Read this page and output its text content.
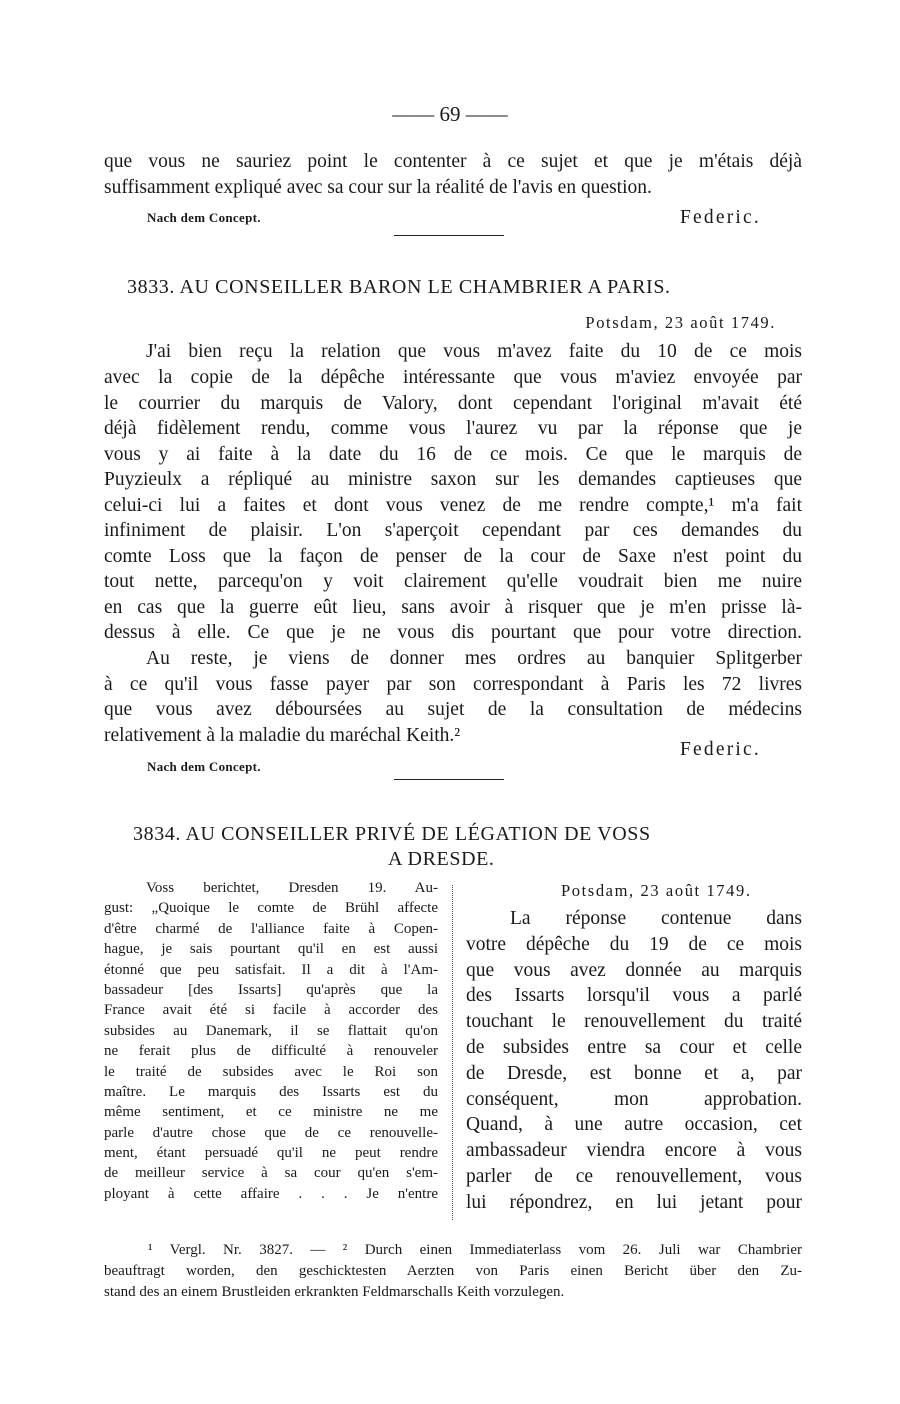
—— 69 ——
que vous ne sauriez point le contenter à ce sujet et que je m'étais déjà
suffisamment expliqué avec sa cour sur la réalité de l'avis en question.
Nach dem Concept.	Federic.
3833. AU CONSEILLER BARON LE CHAMBRIER A PARIS.
Potsdam, 23 août 1749.
J'ai bien reçu la relation que vous m'avez faite du 10 de ce mois
avec la copie de la dépêche intéressante que vous m'aviez envoyée par
le courrier du marquis de Valory, dont cependant l'original m'avait été
déjà fidèlement rendu, comme vous l'aurez vu par la réponse que je
vous y ai faite à la date du 16 de ce mois. Ce que le marquis de
Puyzieulx a répliqué au ministre saxon sur les demandes captieuses que
celui-ci lui a faites et dont vous venez de me rendre compte,¹ m'a fait
infiniment de plaisir. L'on s'aperçoit cependant par ces demandes du
comte Loss que la façon de penser de la cour de Saxe n'est point du
tout nette, parcequ'on y voit clairement qu'elle voudrait bien me nuire
en cas que la guerre eût lieu, sans avoir à risquer que je m'en prisse là-
dessus à elle. Ce que je ne vous dis pourtant que pour votre direction.
Au reste, je viens de donner mes ordres au banquier Splitgerber
à ce qu'il vous fasse payer par son correspondant à Paris les 72 livres
que vous avez déboursées au sujet de la consultation de médecins
relativement à la maladie du maréchal Keith.²
Federic.
Nach dem Concept.
3834. AU CONSEILLER PRIVÉ DE LÉGATION DE VOSS
A DRESDE.
Voss berichtet, Dresden 19. Au-
gust: „Quoique le comte de Brühl affecte
d'être charmé de l'alliance faite à Copen-
hague, je sais pourtant qu'il en est aussi
étonné que peu satisfait. Il a dit à l'Am-
bassadeur [des Issarts] qu'après que la
France avait été si facile à accorder des
subsides au Danemark, il se flattait qu'on
ne ferait plus de difficulté à renouveler
le traité de subsides avec le Roi son
maître. Le marquis des Issarts est du
même sentiment, et ce ministre ne me
parle d'autre chose que de ce renouvelle-
ment, étant persuadé qu'il ne peut rendre
de meilleur service à sa cour qu'en s'em-
ployant à cette affaire . . . Je n'entre
Potsdam, 23 août 1749.
La réponse contenue dans
votre dépêche du 19 de ce mois
que vous avez donnée au marquis
des Issarts lorsqu'il vous a parlé
touchant le renouvellement du traité
de subsides entre sa cour et celle
de Dresde, est bonne et a, par
conséquent, mon approbation.
Quand, à une autre occasion, cet
ambassadeur viendra encore à vous
parler de ce renouvellement, vous
lui répondrez, en lui jetant pour
¹ Vergl. Nr. 3827. — ² Durch einen Immediaterlass vom 26. Juli war Chambrier
beauftragt worden, den geschicktesten Aerzten von Paris einen Bericht über den Zu-
stand des an einem Brustleiden erkrankten Feldmarschalls Keith vorzulegen.
